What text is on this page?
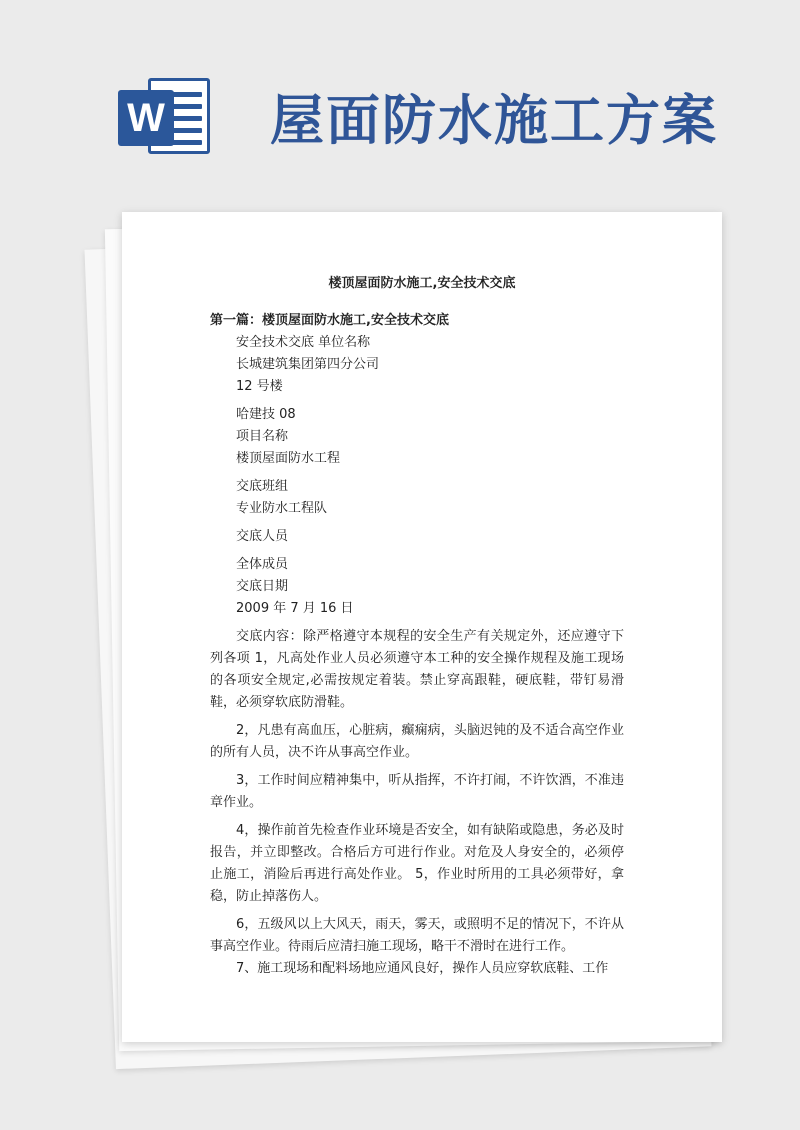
W 屋面防水施工方案
楼顶屋面防水施工,安全技术交底
第一篇：楼顶屋面防水施工,安全技术交底
安全技术交底 单位名称
长城建筑集团第四分公司
12 号楼
哈建技 08
项目名称
楼顶屋面防水工程
交底班组
专业防水工程队
交底人员
全体成员
交底日期
2009 年 7 月 16 日
交底内容：除严格遵守本规程的安全生产有关规定外，还应遵守下列各项 1，凡高处作业人员必须遵守本工种的安全操作规程及施工现场的各项安全规定,必需按规定着装。禁止穿高跟鞋，硬底鞋，带钉易滑鞋，必须穿软底防滑鞋。
2，凡患有高血压，心脏病，癫痫病，头脑迟钝的及不适合高空作业的所有人员，决不许从事高空作业。
3，工作时间应精神集中，听从指挥，不许打闹，不许饮酒，不准违章作业。
4，操作前首先检查作业环境是否安全，如有缺陷或隐患，务必及时报告，并立即整改。合格后方可进行作业。对危及人身安全的，必须停止施工，消险后再进行高处作业。 5，作业时所用的工具必须带好，拿稳，防止掉落伤人。
6，五级风以上大风天，雨天，雾天，或照明不足的情况下，不许从事高空作业。待雨后应清扫施工现场，略干不滑时在进行工作。
7、施工现场和配料场地应通风良好，操作人员应穿软底鞋、工作
